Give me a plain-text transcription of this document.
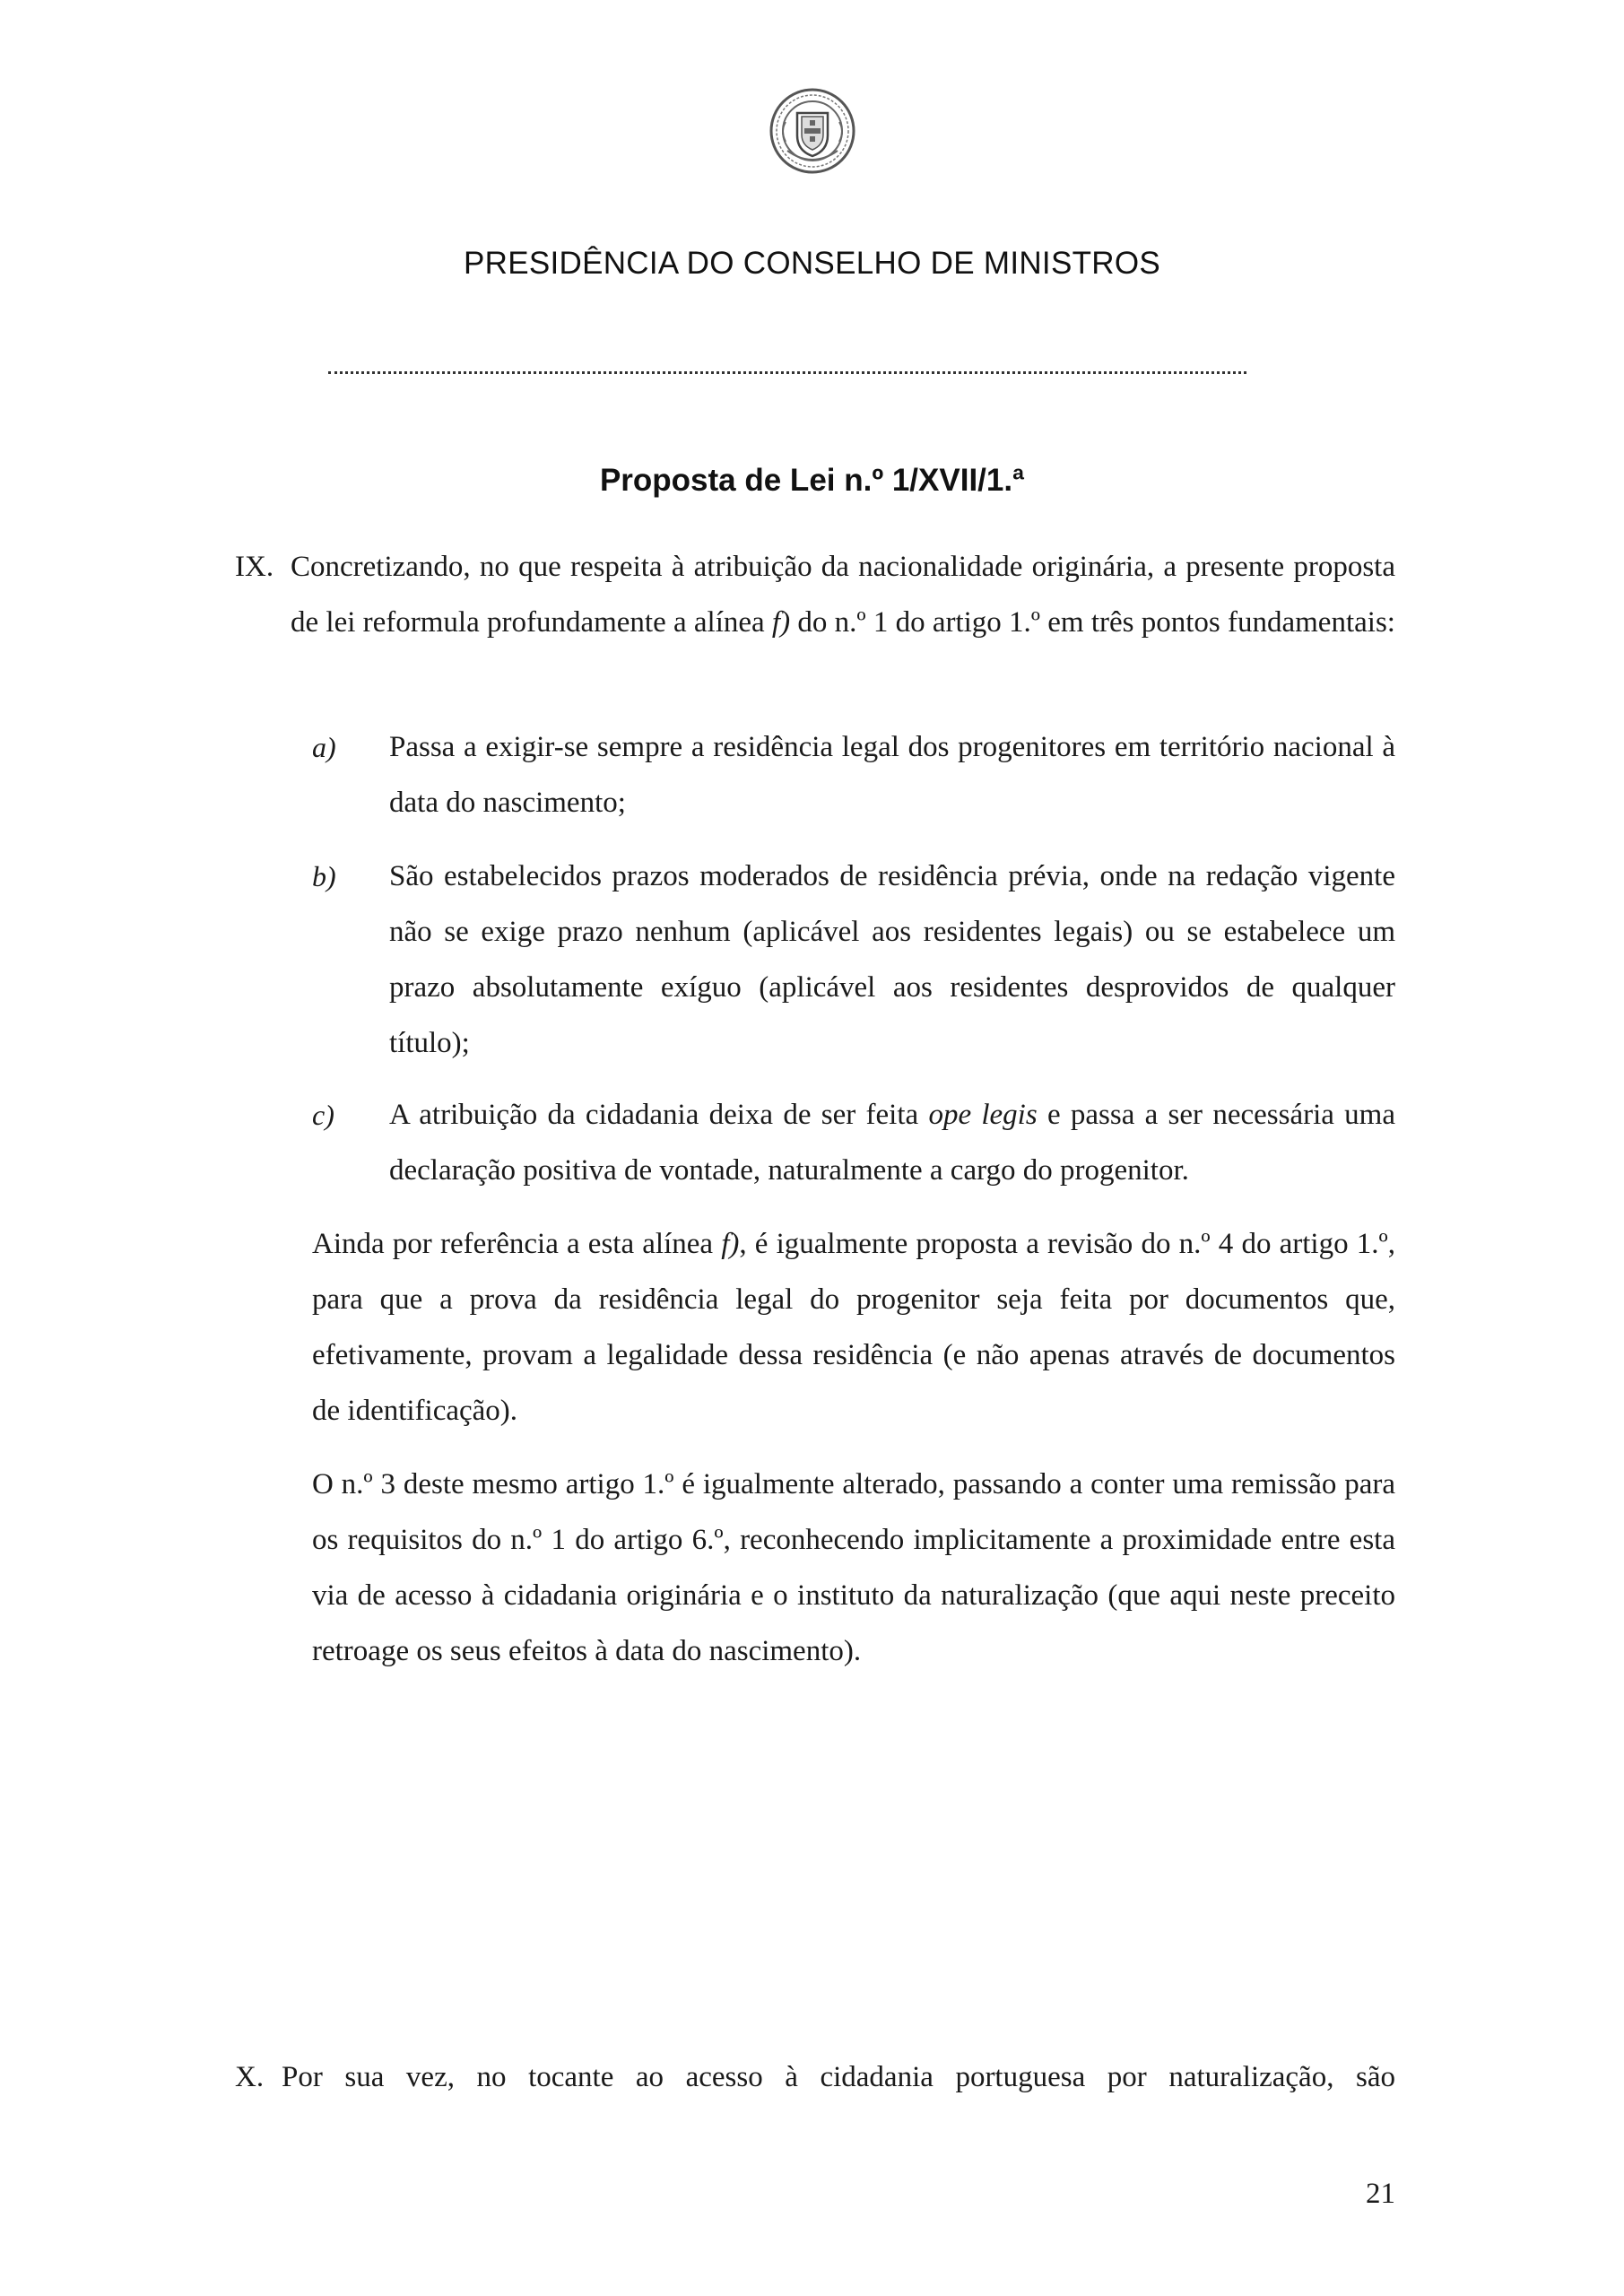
PRESIDÊNCIA DO CONSELHO DE MINISTROS
Proposta de Lei n.º 1/XVII/1.ª
IX. Concretizando, no que respeita à atribuição da nacionalidade originária, a presente proposta de lei reformula profundamente a alínea f) do n.º 1 do artigo 1.º em três pontos fundamentais:
a) Passa a exigir-se sempre a residência legal dos progenitores em território nacional à data do nascimento;
b) São estabelecidos prazos moderados de residência prévia, onde na redação vigente não se exige prazo nenhum (aplicável aos residentes legais) ou se estabelece um prazo absolutamente exíguo (aplicável aos residentes desprovidos de qualquer título);
c) A atribuição da cidadania deixa de ser feita ope legis e passa a ser necessária uma declaração positiva de vontade, naturalmente a cargo do progenitor.
Ainda por referência a esta alínea f), é igualmente proposta a revisão do n.º 4 do artigo 1.º, para que a prova da residência legal do progenitor seja feita por documentos que, efetivamente, provam a legalidade dessa residência (e não apenas através de documentos de identificação).
O n.º 3 deste mesmo artigo 1.º é igualmente alterado, passando a conter uma remissão para os requisitos do n.º 1 do artigo 6.º, reconhecendo implicitamente a proximidade entre esta via de acesso à cidadania originária e o instituto da naturalização (que aqui neste preceito retroage os seus efeitos à data do nascimento).
X. Por sua vez, no tocante ao acesso à cidadania portuguesa por naturalização, são
21
